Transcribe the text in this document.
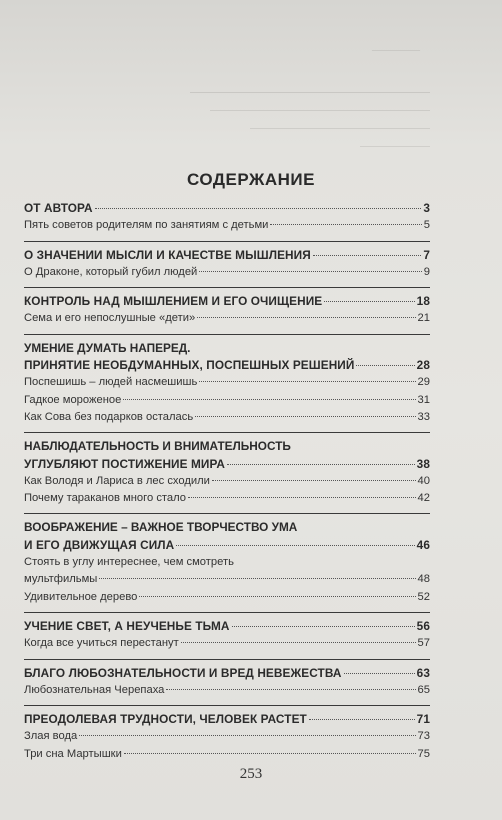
————
СОДЕРЖАНИЕ
ОТ АВТОРА	3
Пять советов родителям по занятиям с детьми	5
О ЗНАЧЕНИИ МЫСЛИ И КАЧЕСТВЕ МЫШЛЕНИЯ	7
О Драконе, который губил людей	9
КОНТРОЛЬ НАД МЫШЛЕНИЕМ И ЕГО ОЧИЩЕНИЕ	18
Сема и его непослушные «дети»	21
УМЕНИЕ ДУМАТЬ НАПЕРЕД.
ПРИНЯТИЕ НЕОБДУМАННЫХ, ПОСПЕШНЫХ РЕШЕНИЙ	28
Поспешишь – людей насмешишь	29
Гадкое мороженое	31
Как Сова без подарков осталась	33
НАБЛЮДАТЕЛЬНОСТЬ И ВНИМАТЕЛЬНОСТЬ
УГЛУБЛЯЮТ ПОСТИЖЕНИЕ МИРА	38
Как Володя и Лариса в лес сходили	40
Почему тараканов много стало	42
ВООБРАЖЕНИЕ – ВАЖНОЕ ТВОРЧЕСТВО УМА
И ЕГО ДВИЖУЩАЯ СИЛА	46
Стоять в углу интереснее, чем смотреть
мультфильмы	48
Удивительное дерево	52
УЧЕНИЕ СВЕТ, А НЕУЧЕНЬЕ ТЬМА	56
Когда все учиться перестанут	57
БЛАГО ЛЮБОЗНАТЕЛЬНОСТИ И ВРЕД НЕВЕЖЕСТВА	63
Любознательная Черепаха	65
ПРЕОДОЛЕВАЯ ТРУДНОСТИ, ЧЕЛОВЕК РАСТЕТ	71
Злая вода	73
Три сна Мартышки	75
253
